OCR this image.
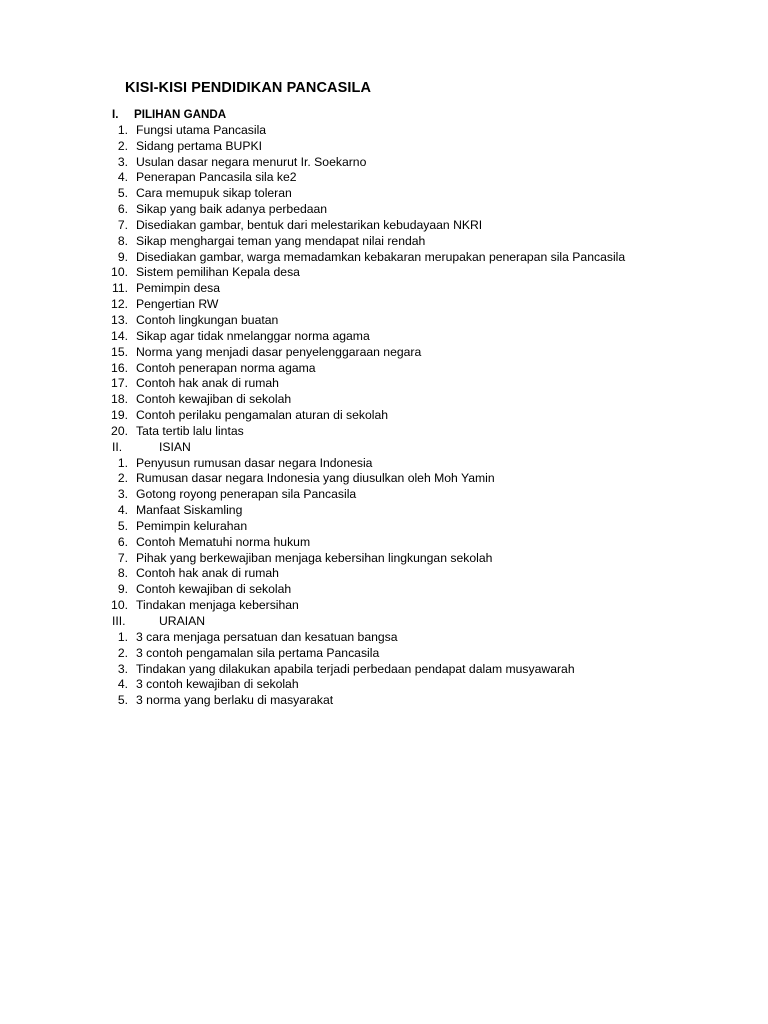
KISI-KISI PENDIDIKAN PANCASILA
I. PILIHAN GANDA
1. Fungsi utama Pancasila
2. Sidang pertama BUPKI
3. Usulan dasar negara menurut Ir. Soekarno
4. Penerapan Pancasila sila ke2
5. Cara memupuk sikap toleran
6. Sikap yang baik adanya perbedaan
7. Disediakan gambar, bentuk dari melestarikan kebudayaan NKRI
8. Sikap menghargai teman yang mendapat nilai rendah
9. Disediakan gambar, warga memadamkan kebakaran merupakan penerapan sila Pancasila
10. Sistem pemilihan Kepala desa
11. Pemimpin desa
12. Pengertian RW
13. Contoh lingkungan buatan
14. Sikap agar tidak nmelanggar norma agama
15. Norma yang menjadi dasar penyelenggaraan negara
16. Contoh penerapan norma agama
17. Contoh hak anak di rumah
18. Contoh kewajiban di sekolah
19. Contoh perilaku pengamalan aturan di sekolah
20. Tata tertib lalu lintas
II.	ISIAN
1. Penyusun rumusan dasar negara Indonesia
2. Rumusan dasar negara Indonesia yang diusulkan oleh Moh Yamin
3. Gotong royong penerapan sila Pancasila
4. Manfaat Siskamling
5. Pemimpin kelurahan
6. Contoh Mematuhi norma hukum
7. Pihak yang berkewajiban menjaga kebersihan lingkungan sekolah
8. Contoh hak anak di rumah
9. Contoh kewajiban di sekolah
10. Tindakan menjaga kebersihan
III.	URAIAN
1. 3 cara menjaga persatuan dan kesatuan bangsa
2. 3 contoh pengamalan sila pertama Pancasila
3. Tindakan yang dilakukan apabila terjadi perbedaan pendapat dalam musyawarah
4. 3 contoh kewajiban di sekolah
5. 3 norma yang berlaku di masyarakat
